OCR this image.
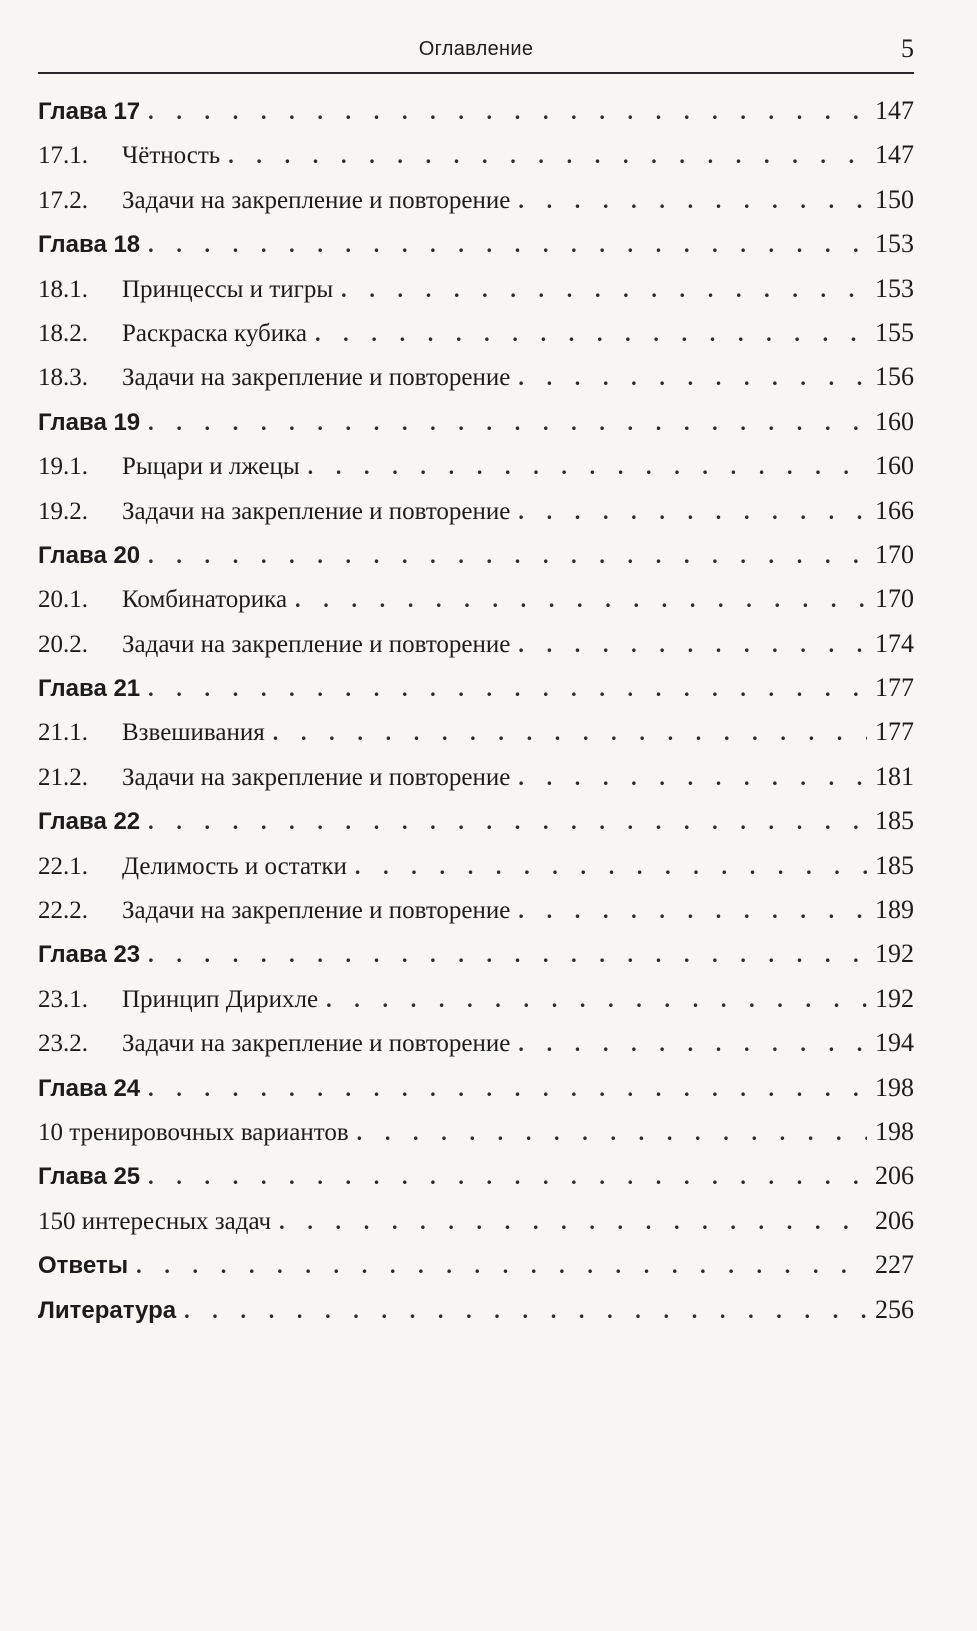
Оглавление	5
Глава 17 . . .	147
17.1.	Чётность . . .	147
17.2.	Задачи на закрепление и повторение . . .	150
Глава 18 . . .	153
18.1.	Принцессы и тигры . . .	153
18.2.	Раскраска кубика . . .	155
18.3.	Задачи на закрепление и повторение . . .	156
Глава 19 . . .	160
19.1.	Рыцари и лжецы . . .	160
19.2.	Задачи на закрепление и повторение . . .	166
Глава 20 . . .	170
20.1.	Комбинаторика . . .	170
20.2.	Задачи на закрепление и повторение . . .	174
Глава 21 . . .	177
21.1.	Взвешивания . . .	177
21.2.	Задачи на закрепление и повторение . . .	181
Глава 22 . . .	185
22.1.	Делимость и остатки . . .	185
22.2.	Задачи на закрепление и повторение . . .	189
Глава 23 . . .	192
23.1.	Принцип Дирихле . . .	192
23.2.	Задачи на закрепление и повторение . . .	194
Глава 24 . . .	198
10 тренировочных вариантов . . .	198
Глава 25 . . .	206
150 интересных задач . . .	206
Ответы . . .	227
Литература . . .	256
